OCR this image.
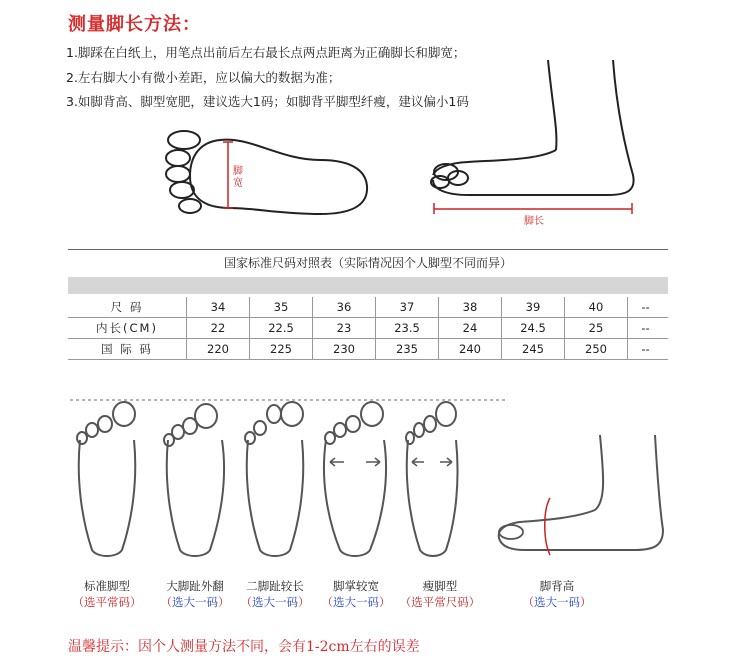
测量脚长方法：
1.脚踩在白纸上，用笔点出前后左右最长点两点距离为正确脚长和脚宽；
2.左右脚大小有微小差距，应以偏大的数据为准；
3.如脚背高、脚型宽肥，建议选大1码；如脚背平脚型纤瘦，建议偏小1码
脚宽
脚长
国家标准尺码对照表（实际情况因个人脚型不同而异）
尺 码	34	35	36	37	38	39	40	--
内长(CM)	22	22.5	23	23.5	24	24.5	25	--
国 际 码	220	225	230	235	240	245	250	--
标准脚型
（选平常码）
大脚趾外翻
（选大一码）
二脚趾较长
（选大一码）
脚掌较宽
（选大一码）
瘦脚型
（选平常尺码）
脚背高
（选大一码）
温馨提示：因个人测量方法不同，会有1-2cm左右的误差
